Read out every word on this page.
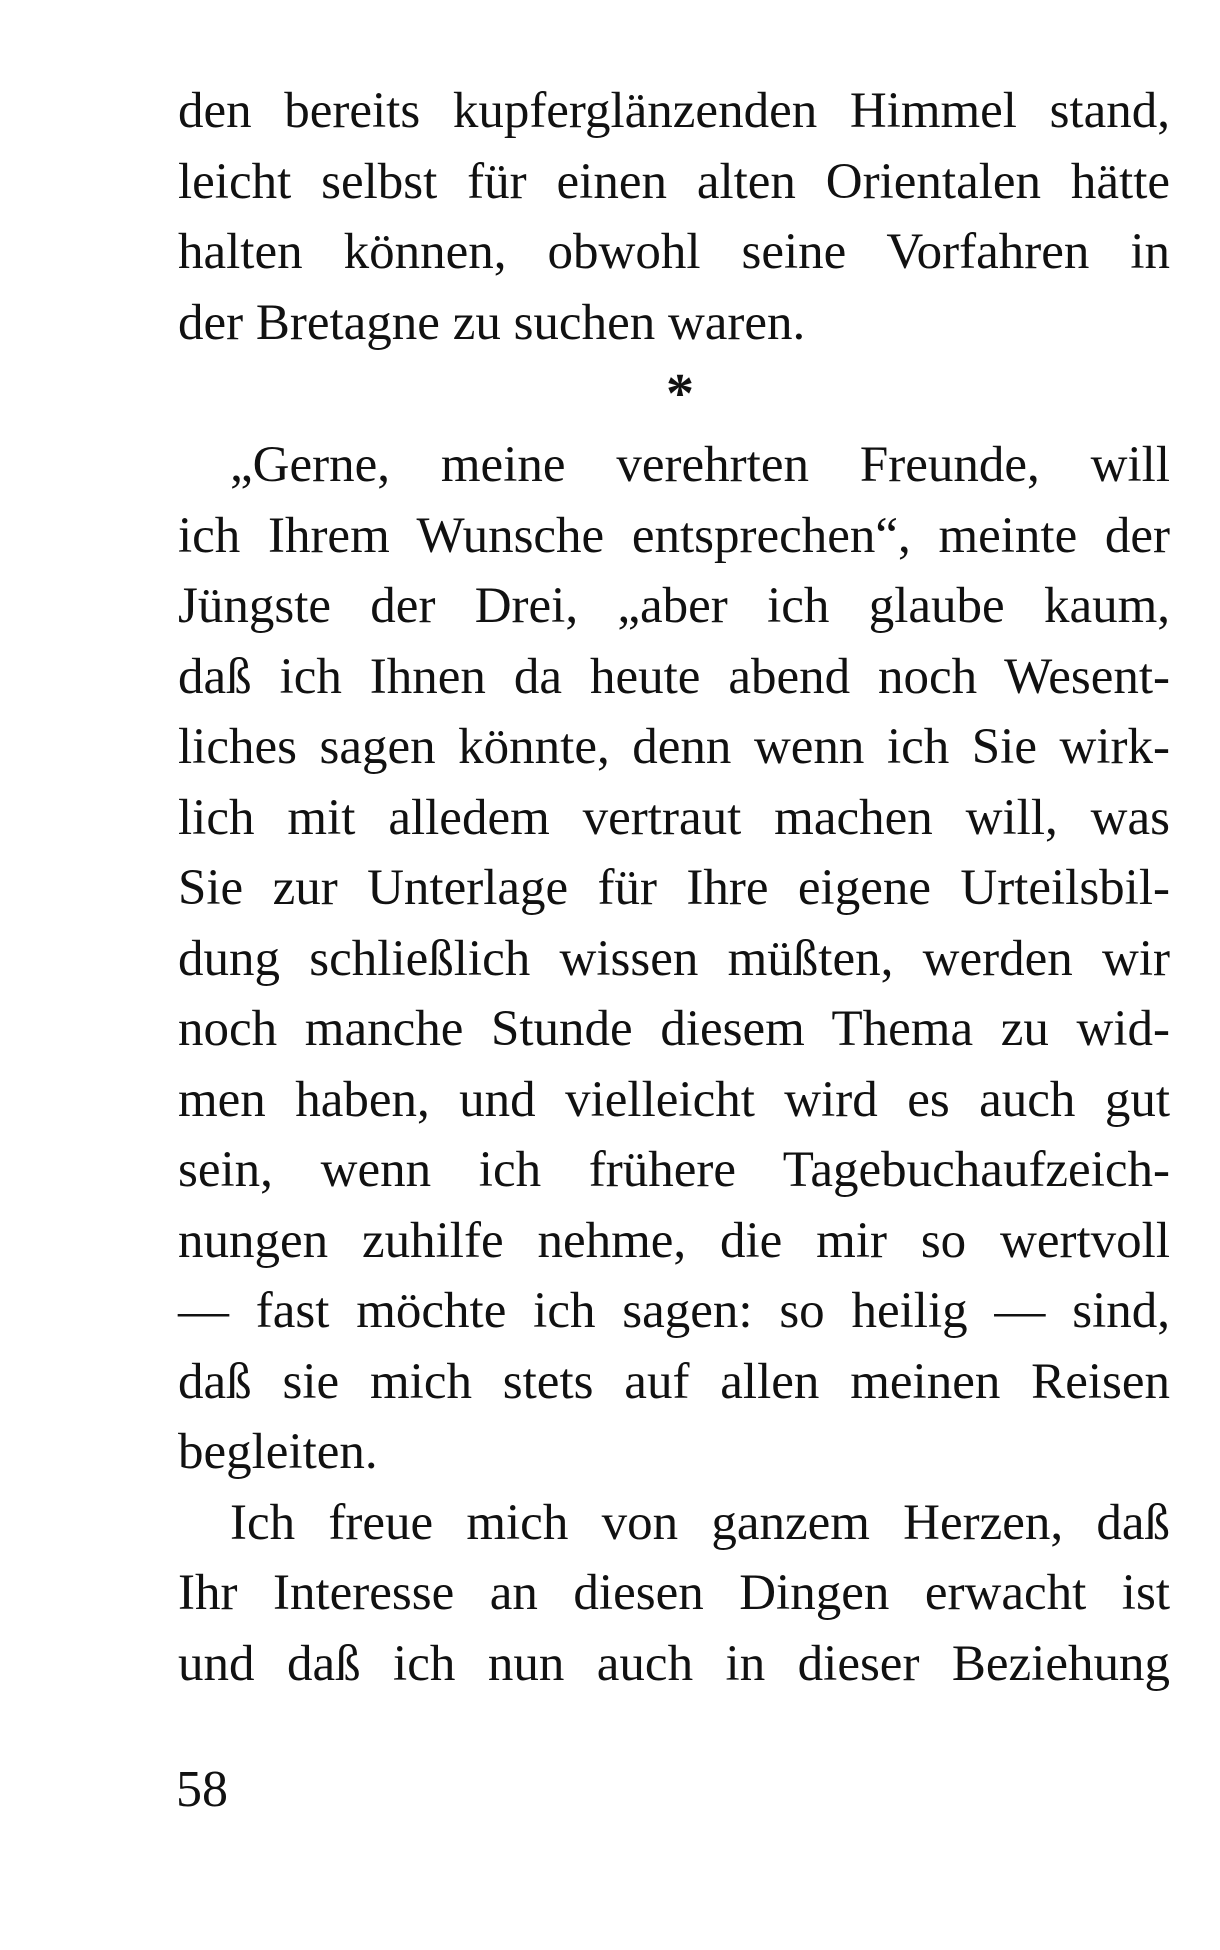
den bereits kupferglänzenden Himmel stand,
leicht selbst für einen alten Orientalen hätte
halten können, obwohl seine Vorfahren in
der Bretagne zu suchen waren.
*
„Gerne, meine verehrten Freunde, will
ich Ihrem Wunsche entsprechen“, meinte der
Jüngste der Drei, „aber ich glaube kaum,
daß ich Ihnen da heute abend noch Wesent-
liches sagen könnte, denn wenn ich Sie wirk-
lich mit alledem vertraut machen will, was
Sie zur Unterlage für Ihre eigene Urteilsbil-
dung schließlich wissen müßten, werden wir
noch manche Stunde diesem Thema zu wid-
men haben, und vielleicht wird es auch gut
sein, wenn ich frühere Tagebuchaufzeich-
nungen zuhilfe nehme, die mir so wertvoll
— fast möchte ich sagen: so heilig — sind,
daß sie mich stets auf allen meinen Reisen
begleiten.
Ich freue mich von ganzem Herzen, daß
Ihr Interesse an diesen Dingen erwacht ist
und daß ich nun auch in dieser Beziehung
58
